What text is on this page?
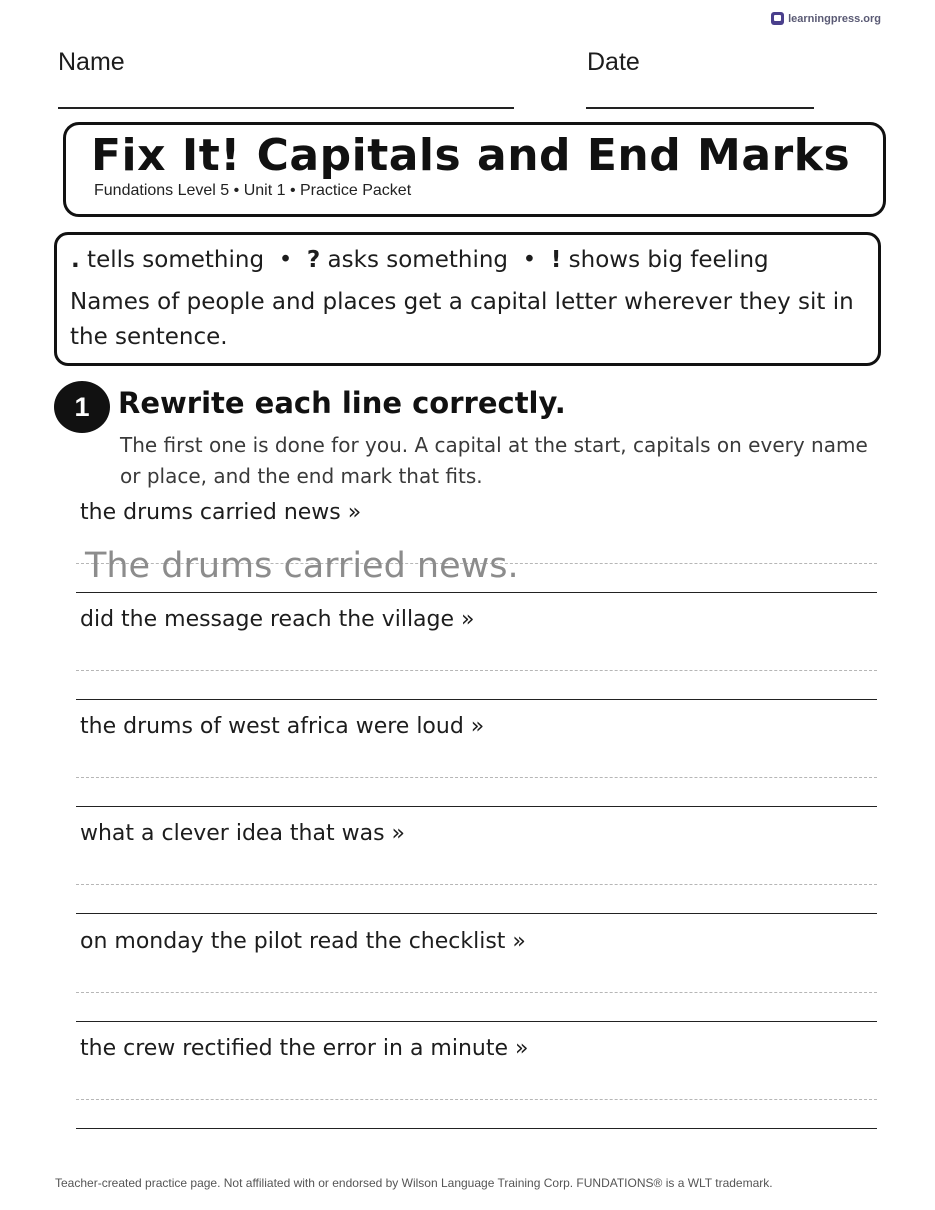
learningpress.org
Name	Date
Fix It! Capitals and End Marks
Fundations Level 5 • Unit 1 • Practice Packet
. tells something  •  ? asks something  •  ! shows big feeling
Names of people and places get a capital letter wherever they sit in the sentence.
1 Rewrite each line correctly.
The first one is done for you. A capital at the start, capitals on every name or place, and the end mark that fits.
the drums carried news »
The drums carried news.
did the message reach the village »
the drums of west africa were loud »
what a clever idea that was »
on monday the pilot read the checklist »
the crew rectified the error in a minute »
Teacher-created practice page. Not affiliated with or endorsed by Wilson Language Training Corp. FUNDATIONS® is a WLT trademark.
